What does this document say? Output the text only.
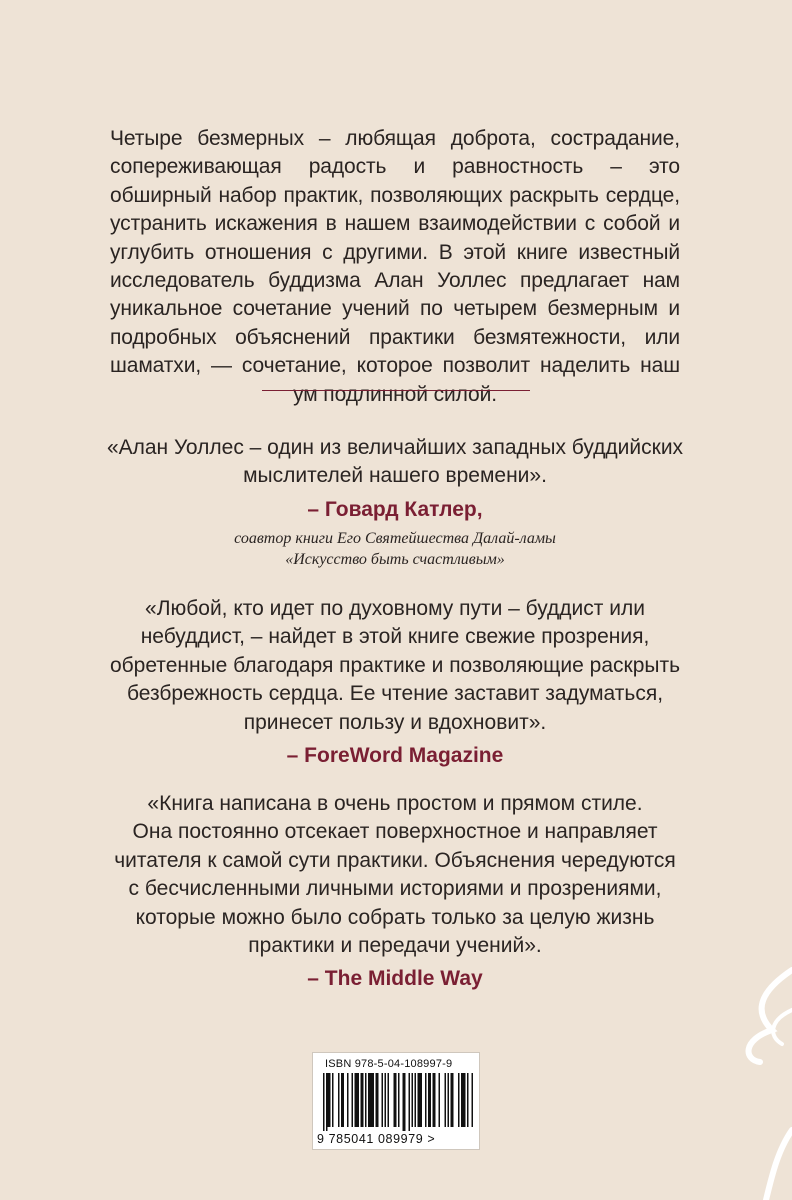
Четыре безмерных – любящая доброта, сострадание, сопереживающая радость и равностность – это обширный набор практик, позволяющих раскрыть сердце, устранить искажения в нашем взаимодействии с собой и углубить отношения с другими. В этой книге известный исследователь буддизма Алан Уоллес предлагает нам уникальное сочетание учений по четырем безмерным и подробных объяснений практики безмятежности, или шаматхи, — сочетание, которое позволит наделить наш ум подлинной силой.

«Алан Уоллес – один из величайших западных буддийских
мыслителей нашего времени».

– Говард Катлер,
соавтор книги Его Святейшества Далай-ламы
«Искусство быть счастливым»

«Любой, кто идет по духовному пути – буддист или
небуддист, – найдет в этой книге свежие прозрения,
обретенные благодаря практике и позволяющие раскрыть
безбрежность сердца. Ее чтение заставит задуматься,
принесет пользу и вдохновит».

– ForeWord Magazine

«Книга написана в очень простом и прямом стиле.
Она постоянно отсекает поверхностное и направляет
читателя к самой сути практики. Объяснения чередуются
с бесчисленными личными историями и прозрениями,
которые можно было собрать только за целую жизнь
практики и передачи учений».

– The Middle Way
ISBN 978-5-04-108997-9
9 785041 089979 >
